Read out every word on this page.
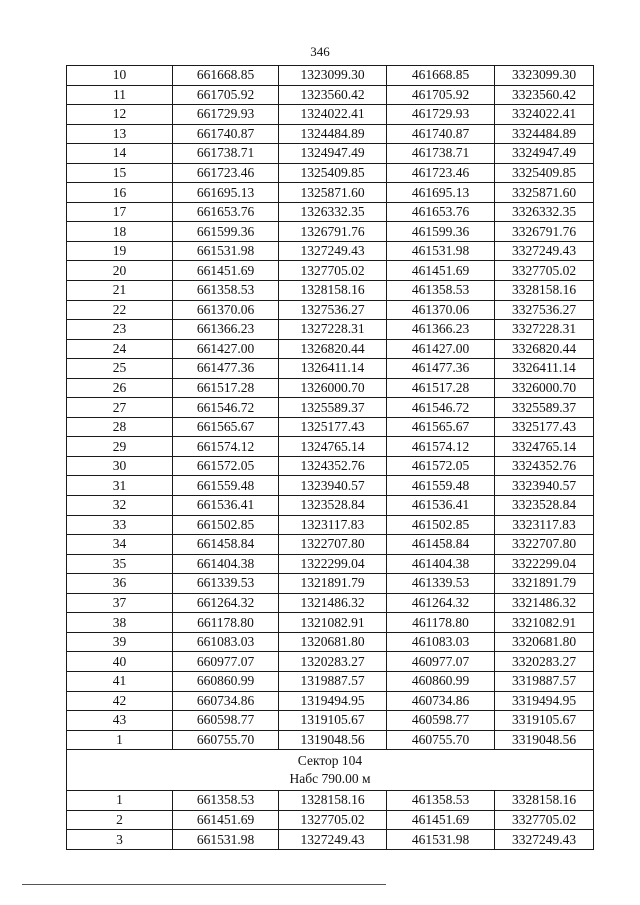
346
10	661668.85	1323099.30	461668.85	3323099.30
11	661705.92	1323560.42	461705.92	3323560.42
12	661729.93	1324022.41	461729.93	3324022.41
13	661740.87	1324484.89	461740.87	3324484.89
14	661738.71	1324947.49	461738.71	3324947.49
15	661723.46	1325409.85	461723.46	3325409.85
16	661695.13	1325871.60	461695.13	3325871.60
17	661653.76	1326332.35	461653.76	3326332.35
18	661599.36	1326791.76	461599.36	3326791.76
19	661531.98	1327249.43	461531.98	3327249.43
20	661451.69	1327705.02	461451.69	3327705.02
21	661358.53	1328158.16	461358.53	3328158.16
22	661370.06	1327536.27	461370.06	3327536.27
23	661366.23	1327228.31	461366.23	3327228.31
24	661427.00	1326820.44	461427.00	3326820.44
25	661477.36	1326411.14	461477.36	3326411.14
26	661517.28	1326000.70	461517.28	3326000.70
27	661546.72	1325589.37	461546.72	3325589.37
28	661565.67	1325177.43	461565.67	3325177.43
29	661574.12	1324765.14	461574.12	3324765.14
30	661572.05	1324352.76	461572.05	3324352.76
31	661559.48	1323940.57	461559.48	3323940.57
32	661536.41	1323528.84	461536.41	3323528.84
33	661502.85	1323117.83	461502.85	3323117.83
34	661458.84	1322707.80	461458.84	3322707.80
35	661404.38	1322299.04	461404.38	3322299.04
36	661339.53	1321891.79	461339.53	3321891.79
37	661264.32	1321486.32	461264.32	3321486.32
38	661178.80	1321082.91	461178.80	3321082.91
39	661083.03	1320681.80	461083.03	3320681.80
40	660977.07	1320283.27	460977.07	3320283.27
41	660860.99	1319887.57	460860.99	3319887.57
42	660734.86	1319494.95	460734.86	3319494.95
43	660598.77	1319105.67	460598.77	3319105.67
1	660755.70	1319048.56	460755.70	3319048.56

Сектор 104
Набс 790.00 м				

1	661358.53	1328158.16	461358.53	3328158.16
2	661451.69	1327705.02	461451.69	3327705.02
3	661531.98	1327249.43	461531.98	3327249.43
